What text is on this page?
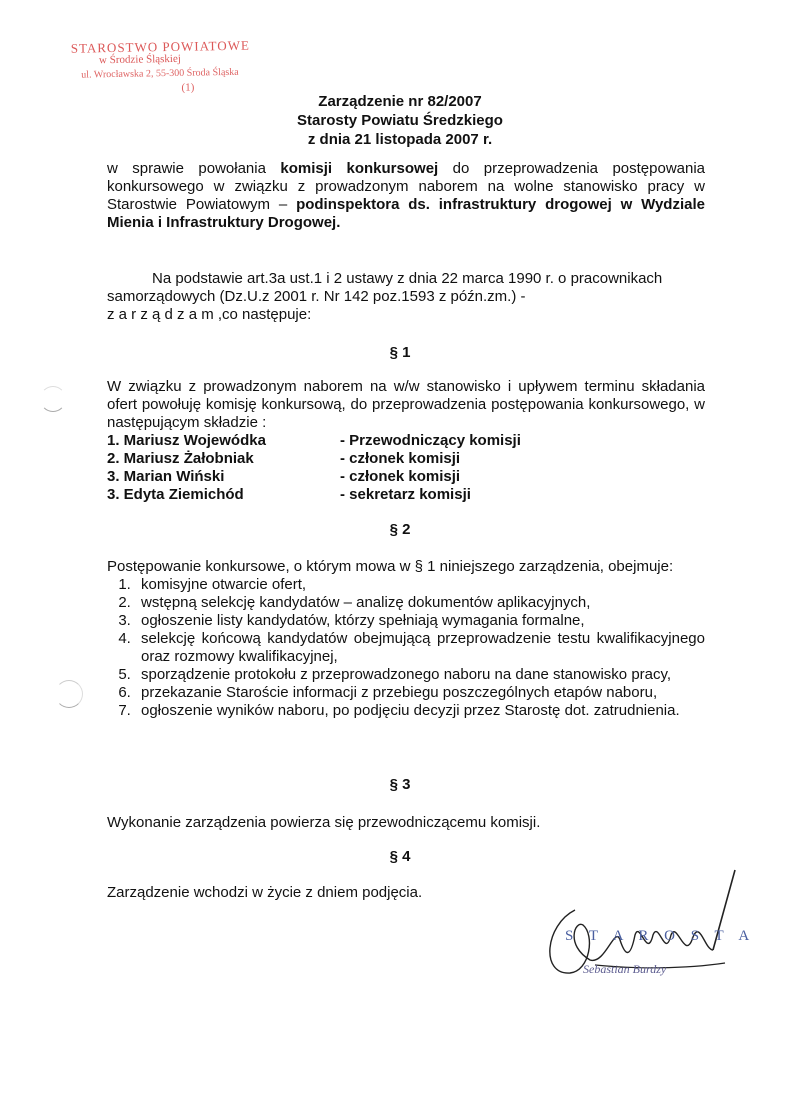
STAROSTWO POWIATOWE
w Środzie Śląskiej
ul. Wrocławska 2, 55-300 Środa Śląska
(1)
Zarządzenie nr 82/2007
Starosty Powiatu Średzkiego
z dnia 21 listopada 2007 r.
w sprawie powołania komisji konkursowej do przeprowadzenia postępowania konkursowego w związku z prowadzonym naborem na wolne stanowisko pracy w Starostwie Powiatowym – podinspektora ds. infrastruktury drogowej w Wydziale Mienia i Infrastruktury Drogowej.
Na podstawie art.3a ust.1 i 2 ustawy z dnia 22 marca 1990 r. o pracownikach
samorządowych (Dz.U.z 2001 r. Nr 142 poz.1593 z późn.zm.) -
z a r z ą d z a m ,co następuje:
§ 1
W związku z prowadzonym naborem na w/w stanowisko i upływem terminu składania ofert powołuję komisję konkursową, do przeprowadzenia postępowania konkursowego, w następującym składzie :
1. Mariusz Wojewódka	- Przewodniczący komisji
2. Mariusz Żałobniak	- członek komisji
3. Marian Wiński	- członek komisji
3. Edyta Ziemichód	- sekretarz komisji
§ 2
Postępowanie konkursowe, o którym mowa w § 1 niniejszego zarządzenia, obejmuje:
1. komisyjne otwarcie ofert,
2. wstępną selekcję kandydatów – analizę dokumentów aplikacyjnych,
3. ogłoszenie listy kandydatów, którzy spełniają wymagania formalne,
4. selekcję końcową kandydatów obejmującą przeprowadzenie testu kwalifikacyjnego oraz rozmowy kwalifikacyjnej,
5. sporządzenie protokołu z przeprowadzonego naboru na dane stanowisko pracy,
6. przekazanie Staroście informacji z przebiegu poszczególnych etapów naboru,
7. ogłoszenie wyników naboru, po podjęciu decyzji przez Starostę dot. zatrudnienia.
§ 3
Wykonanie zarządzenia powierza się przewodniczącemu komisji.
§ 4
Zarządzenie wchodzi w życie z dniem podjęcia.
S T A R O S T A
Sebastian Burdzy
